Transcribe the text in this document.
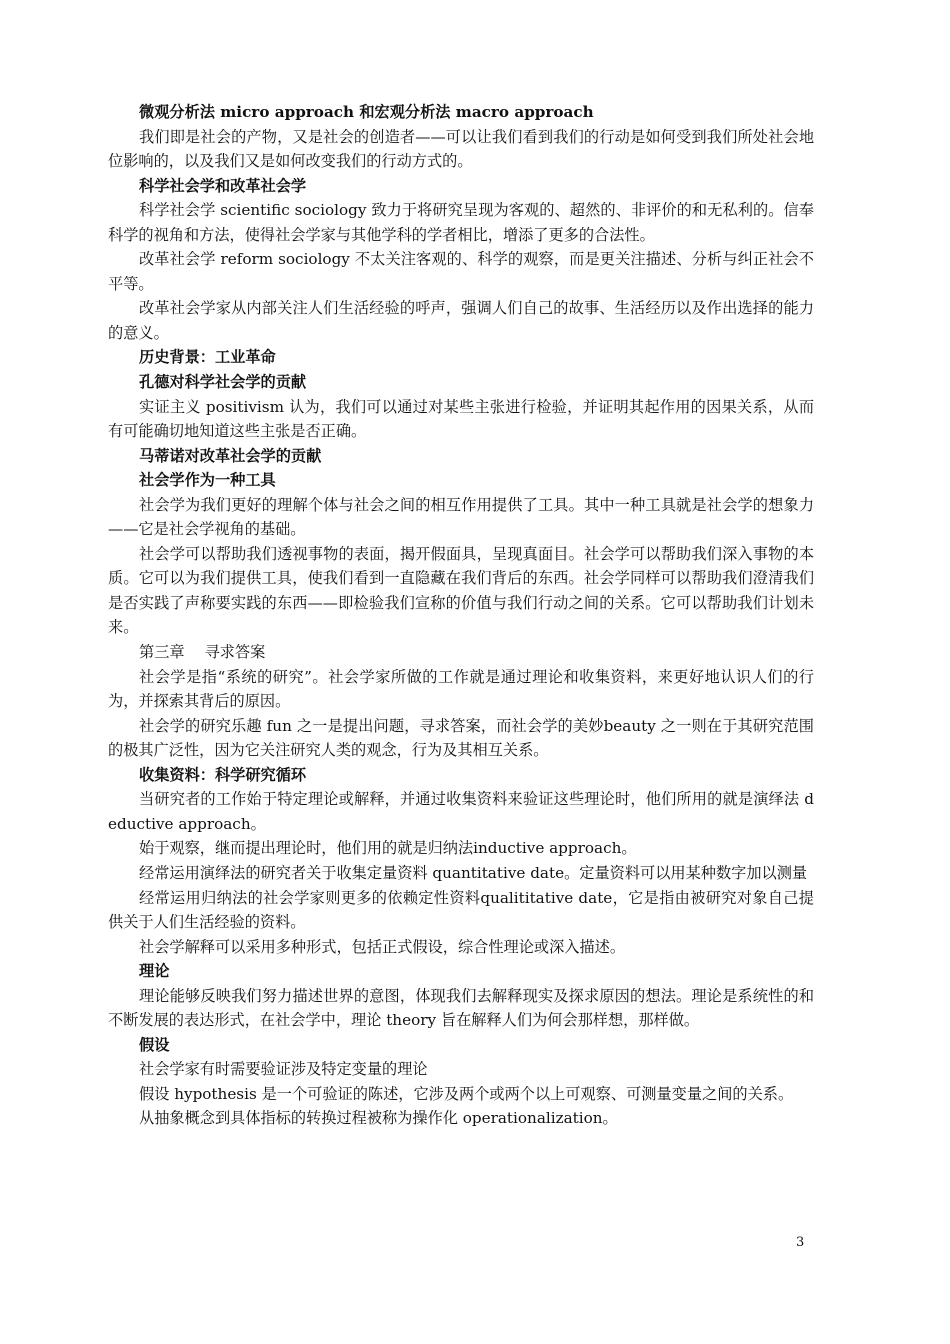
微观分析法 micro approach 和宏观分析法 macro approach

我们即是社会的产物，又是社会的创造者——可以让我们看到我们的行动是如何受到我们所处社会地位影响的，以及我们又是如何改变我们的行动方式的。

科学社会学和改革社会学

科学社会学 scientific sociology 致力于将研究呈现为客观的、超然的、非评价的和无私利的。信奉科学的视角和方法，使得社会学家与其他学科的学者相比，增添了更多的合法性。

改革社会学 reform sociology 不太关注客观的、科学的观察，而是更关注描述、分析与纠正社会不平等。

改革社会学家从内部关注人们生活经验的呼声，强调人们自己的故事、生活经历以及作出选择的能力的意义。

历史背景：工业革命

孔德对科学社会学的贡献

实证主义 positivism 认为，我们可以通过对某些主张进行检验，并证明其起作用的因果关系，从而有可能确切地知道这些主张是否正确。

马蒂诺对改革社会学的贡献

社会学作为一种工具

社会学为我们更好的理解个体与社会之间的相互作用提供了工具。其中一种工具就是社会学的想象力——它是社会学视角的基础。

社会学可以帮助我们透视事物的表面，揭开假面具，呈现真面目。社会学可以帮助我们深入事物的本质。它可以为我们提供工具，使我们看到一直隐藏在我们背后的东西。社会学同样可以帮助我们澄清我们是否实践了声称要实践的东西——即检验我们宣称的价值与我们行动之间的关系。它可以帮助我们计划未来。

第三章　 寻求答案

社会学是指“系统的研究”。社会学家所做的工作就是通过理论和收集资料，来更好地认识人们的行为，并探索其背后的原因。

社会学的研究乐趣 fun 之一是提出问题，寻求答案，而社会学的美妙beauty 之一则在于其研究范围的极其广泛性，因为它关注研究人类的观念，行为及其相互关系。

收集资料：科学研究循环

当研究者的工作始于特定理论或解释，并通过收集资料来验证这些理论时，他们所用的就是演绎法 deductive approach。

始于观察，继而提出理论时，他们用的就是归纳法inductive approach。

经常运用演绎法的研究者关于收集定量资料 quantitative date。定量资料可以用某种数字加以测量

经常运用归纳法的社会学家则更多的依赖定性资料qualititative date，它是指由被研究对象自己提供关于人们生活经验的资料。

社会学解释可以采用多种形式，包括正式假设，综合性理论或深入描述。

理论

理论能够反映我们努力描述世界的意图，体现我们去解释现实及探求原因的想法。理论是系统性的和不断发展的表达形式，在社会学中，理论 theory 旨在解释人们为何会那样想，那样做。

假设

社会学家有时需要验证涉及特定变量的理论

假设 hypothesis 是一个可验证的陈述，它涉及两个或两个以上可观察、可测量变量之间的关系。

从抽象概念到具体指标的转换过程被称为操作化 operationalization。

3
